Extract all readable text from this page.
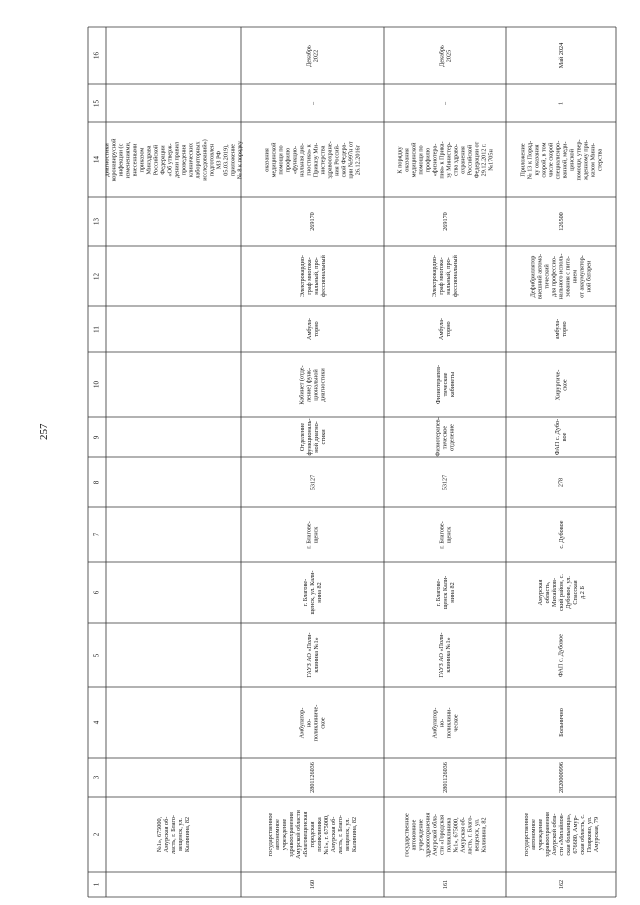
257
1
2
3
4
5
6
7
8
9
10
11
12
13
14
15
16
№1», 675000,
Амурская об-
ласть, г. Благо-
вещенск, ул.
Калинина, 82
диагностики
коронавирусной
инфекции (с
изменениями,
внесенными
приказом
Минздрава
Российской
Федерации
«Об утверж-
дении правил
проведения
клинических
лабораторных
исследований»)
подготовлен
МЗ РФ
05.03.2019),
приложение
№ 8 к порядку
160
государственное
автономное
учреждение
здравоохранения
Амурской области
«Благовещенская
городская
поликлиника
№1», г. 675000,
Амурская об-
ласть, г. Благо-
вещенск, ул.
Калинина, 82
2801126036
Амбулатор-
но-
поликлиниче-
ское
ГАУЗ АО «Поли-
клиника №1»
г. Благове-
щенск, ул. Кали-
нина 82
г. Благове-
щенск
53127
Отделение
функциональ-
ной диагно-
стики
Кабинет (отде-
ление) функ-
циональной
диагностики
Амбула-
торно
Электрокардио-
граф многока-
нальный, про-
фессиональный
269170
оказания
медицинской
помощи по
профилю
«функцио-
нальная диа-
гностика» к
Приказу Ми-
нистерства
здравоохране-
ния Россий-
ской Федера-
ции №997н от
26.12.2016г
–
Декабрь
2022
161
государственное
автономное
учреждение
здравоохранения
Амурской обла-
сти «Городская
поликлиника
№1», 675000,
Амурская об-
ласть, г. Благо-
вещенск, ул.
Калинина, 82
2801126036
Амбулатор-
но-
поликлини-
ческое
ГАУЗ АО «Поли-
клиника №1»
г. Благове-
щенск Кали-
нина 82
г. Благове-
щенск
53127
Физиотерапев-
тическое
отделение
Физиотерапев-
тические
кабинеты
Амбула-
торно
Электрокардио-
граф многока-
нальный, про-
фессиональный
269170
К порядку
оказания
медицинской
помощи по
профилю
«физиотера-
пия» к Прика-
зу Министер-
ства здраво-
охранения
Российской
Федерации от
29.12.2012 г.
№1705н
–
Декабрь
2025
162
государственное
автономное
учреждение
здравоохранения
Амурской обла-
сти «Михайлов-
ская больница»,
676680, Амур-
ская область, с.
Поярково, ул.
Амурская, 79
2820000996
Больнично
ФАП с. Дубовое
Амурская
область,
Михайлов-
ский район, с.
Дубовое, ул.
Спасская
д.2 Б
с. Дубовое
278
ФАП с. Дубо-
вое
Хирургиче-
ское
амбула-
торно
Дефибриллятор
внешний автома-
тический
для профессио-
нального исполь-
зования с пита-
нием
от аккумулятор-
ной батареи
126500
Приложение
№ 13 к Поряд-
ку оказания
скорой, в том
числе скорой
специализиро-
ванной, меди-
цинской
помощи, утвер-
жденному при-
казом Мини-
стерства
1
Май 2024
